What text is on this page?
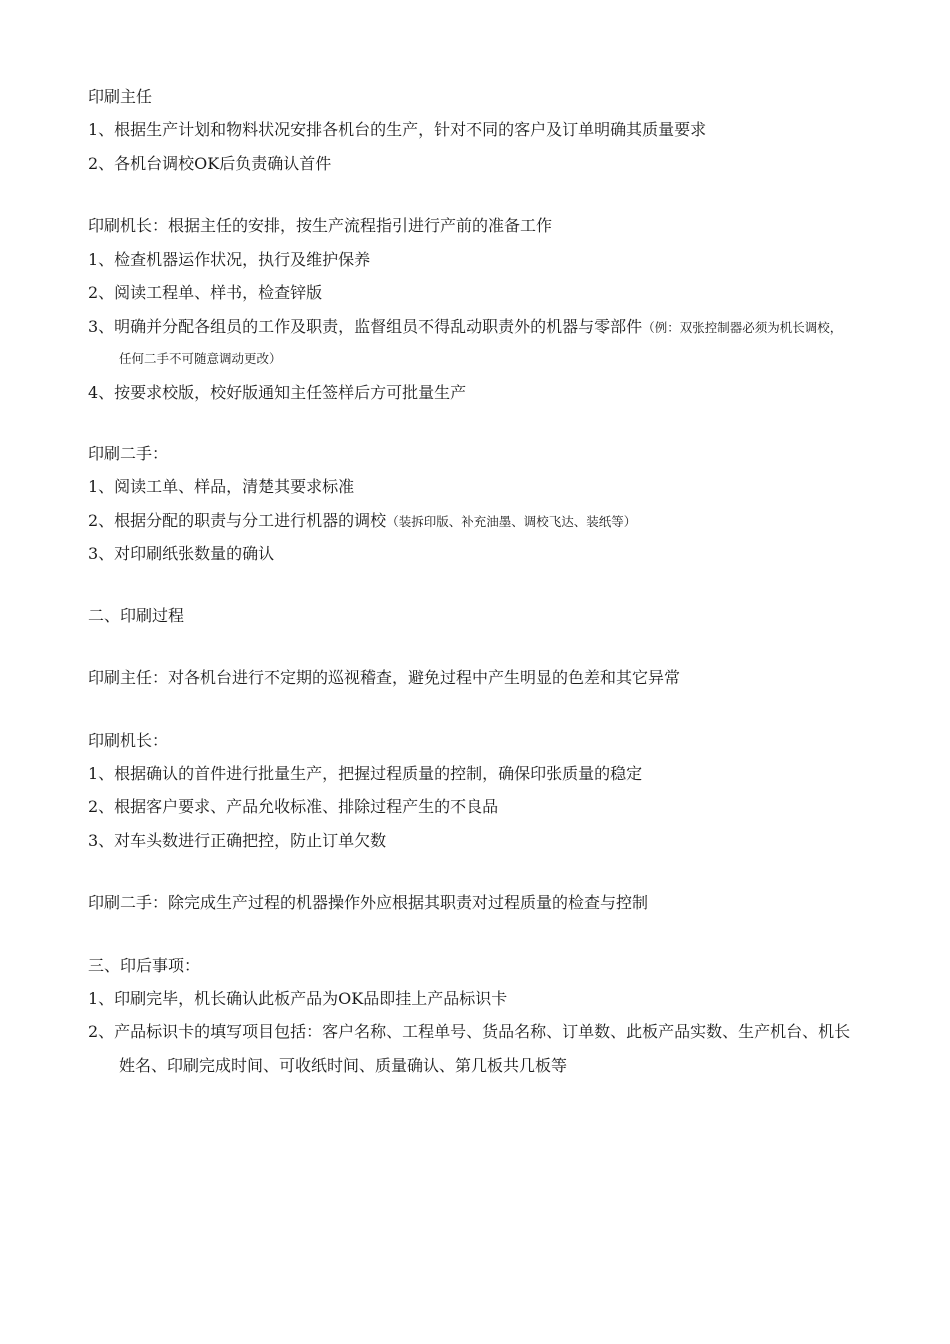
印刷主任
1、根据生产计划和物料状况安排各机台的生产，针对不同的客户及订单明确其质量要求
2、各机台调校OK后负责确认首件
印刷机长：根据主任的安排，按生产流程指引进行产前的准备工作
1、检查机器运作状况，执行及维护保养
2、阅读工程单、样书，检查锌版
3、明确并分配各组员的工作及职责，监督组员不得乱动职责外的机器与零部件（例：双张控制器必须为机长调校，
任何二手不可随意调动更改）
4、按要求校版，校好版通知主任签样后方可批量生产
印刷二手：
1、阅读工单、样品，清楚其要求标准
2、根据分配的职责与分工进行机器的调校（装拆印版、补充油墨、调校飞达、装纸等）
3、对印刷纸张数量的确认
二、印刷过程
印刷主任：对各机台进行不定期的巡视稽查，避免过程中产生明显的色差和其它异常
印刷机长：
1、根据确认的首件进行批量生产，把握过程质量的控制，确保印张质量的稳定
2、根据客户要求、产品允收标准、排除过程产生的不良品
3、对车头数进行正确把控，防止订单欠数
印刷二手：除完成生产过程的机器操作外应根据其职责对过程质量的检查与控制
三、印后事项：
1、印刷完毕，机长确认此板产品为OK品即挂上产品标识卡
2、产品标识卡的填写项目包括：客户名称、工程单号、货品名称、订单数、此板产品实数、生产机台、机长
姓名、印刷完成时间、可收纸时间、质量确认、第几板共几板等
